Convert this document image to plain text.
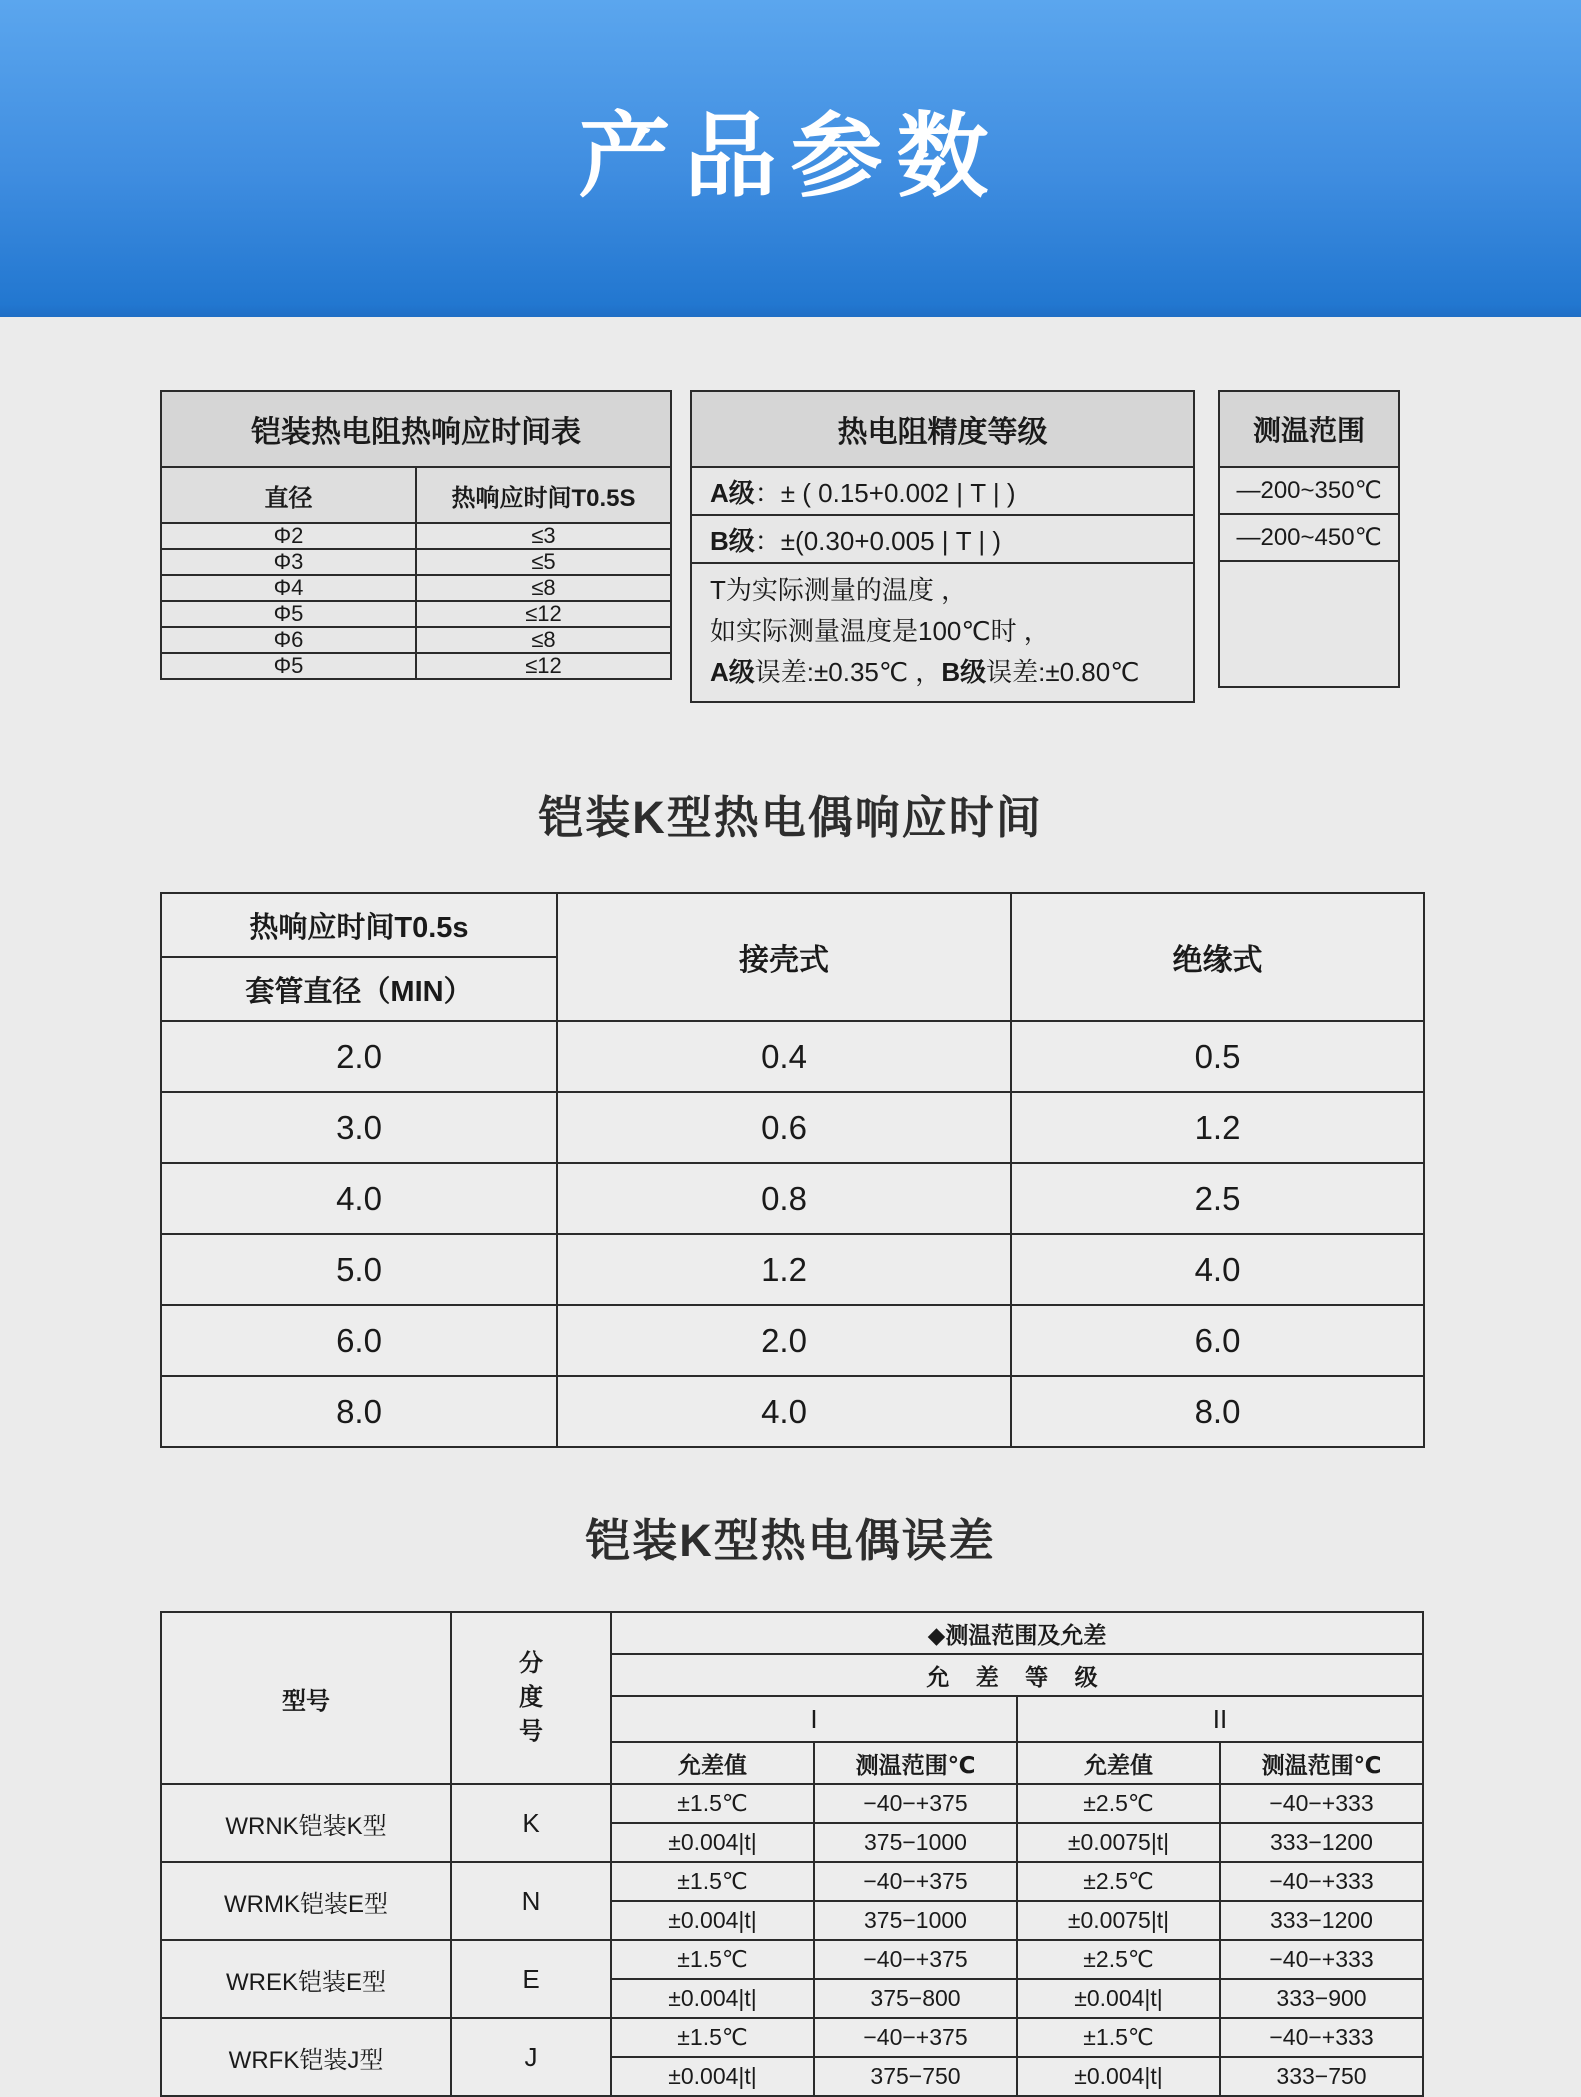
产品参数
铠装热电阻热响应时间表	
直径	热响应时间T0.5S
Φ2	≤3
Φ3	≤5
Φ4	≤8
Φ5	≤12
Φ6	≤8
Φ5	≤12
热电阻精度等级
A级：± ( 0.15+0.002 | T | )
B级：±(0.30+0.005 | T | )
T为实际测量的温度 ，
如实际测量温度是100℃时 ，
A级误差:±0.35℃ ，B级误差:±0.80℃
测温范围
—200~350℃
—200~450℃

铠装K型热电偶响应时间
热响应时间T0.5s	接壳式	绝缘式
套管直径（MIN）		
2.0	0.4	0.5
3.0	0.6	1.2
4.0	0.8	2.5
5.0	1.2	4.0
6.0	2.0	6.0
8.0	4.0	8.0
铠装K型热电偶误差
型号	分
度
号	◆测温范围及允差			
		允 差 等 级			
		I		II	
		允差值	测温范围℃	允差值	测温范围℃
WRNK铠装K型	K	±1.5℃	−40−+375	±2.5℃	−40−+333
		±0.004|t|	375−1000	±0.0075|t|	333−1200
WRMK铠装E型	N	±1.5℃	−40−+375	±2.5℃	−40−+333
		±0.004|t|	375−1000	±0.0075|t|	333−1200
WREK铠装E型	E	±1.5℃	−40−+375	±2.5℃	−40−+333
		±0.004|t|	375−800	±0.004|t|	333−900
WRFK铠装J型	J	±1.5℃	−40−+375	±1.5℃	−40−+333
		±0.004|t|	375−750	±0.004|t|	333−750
